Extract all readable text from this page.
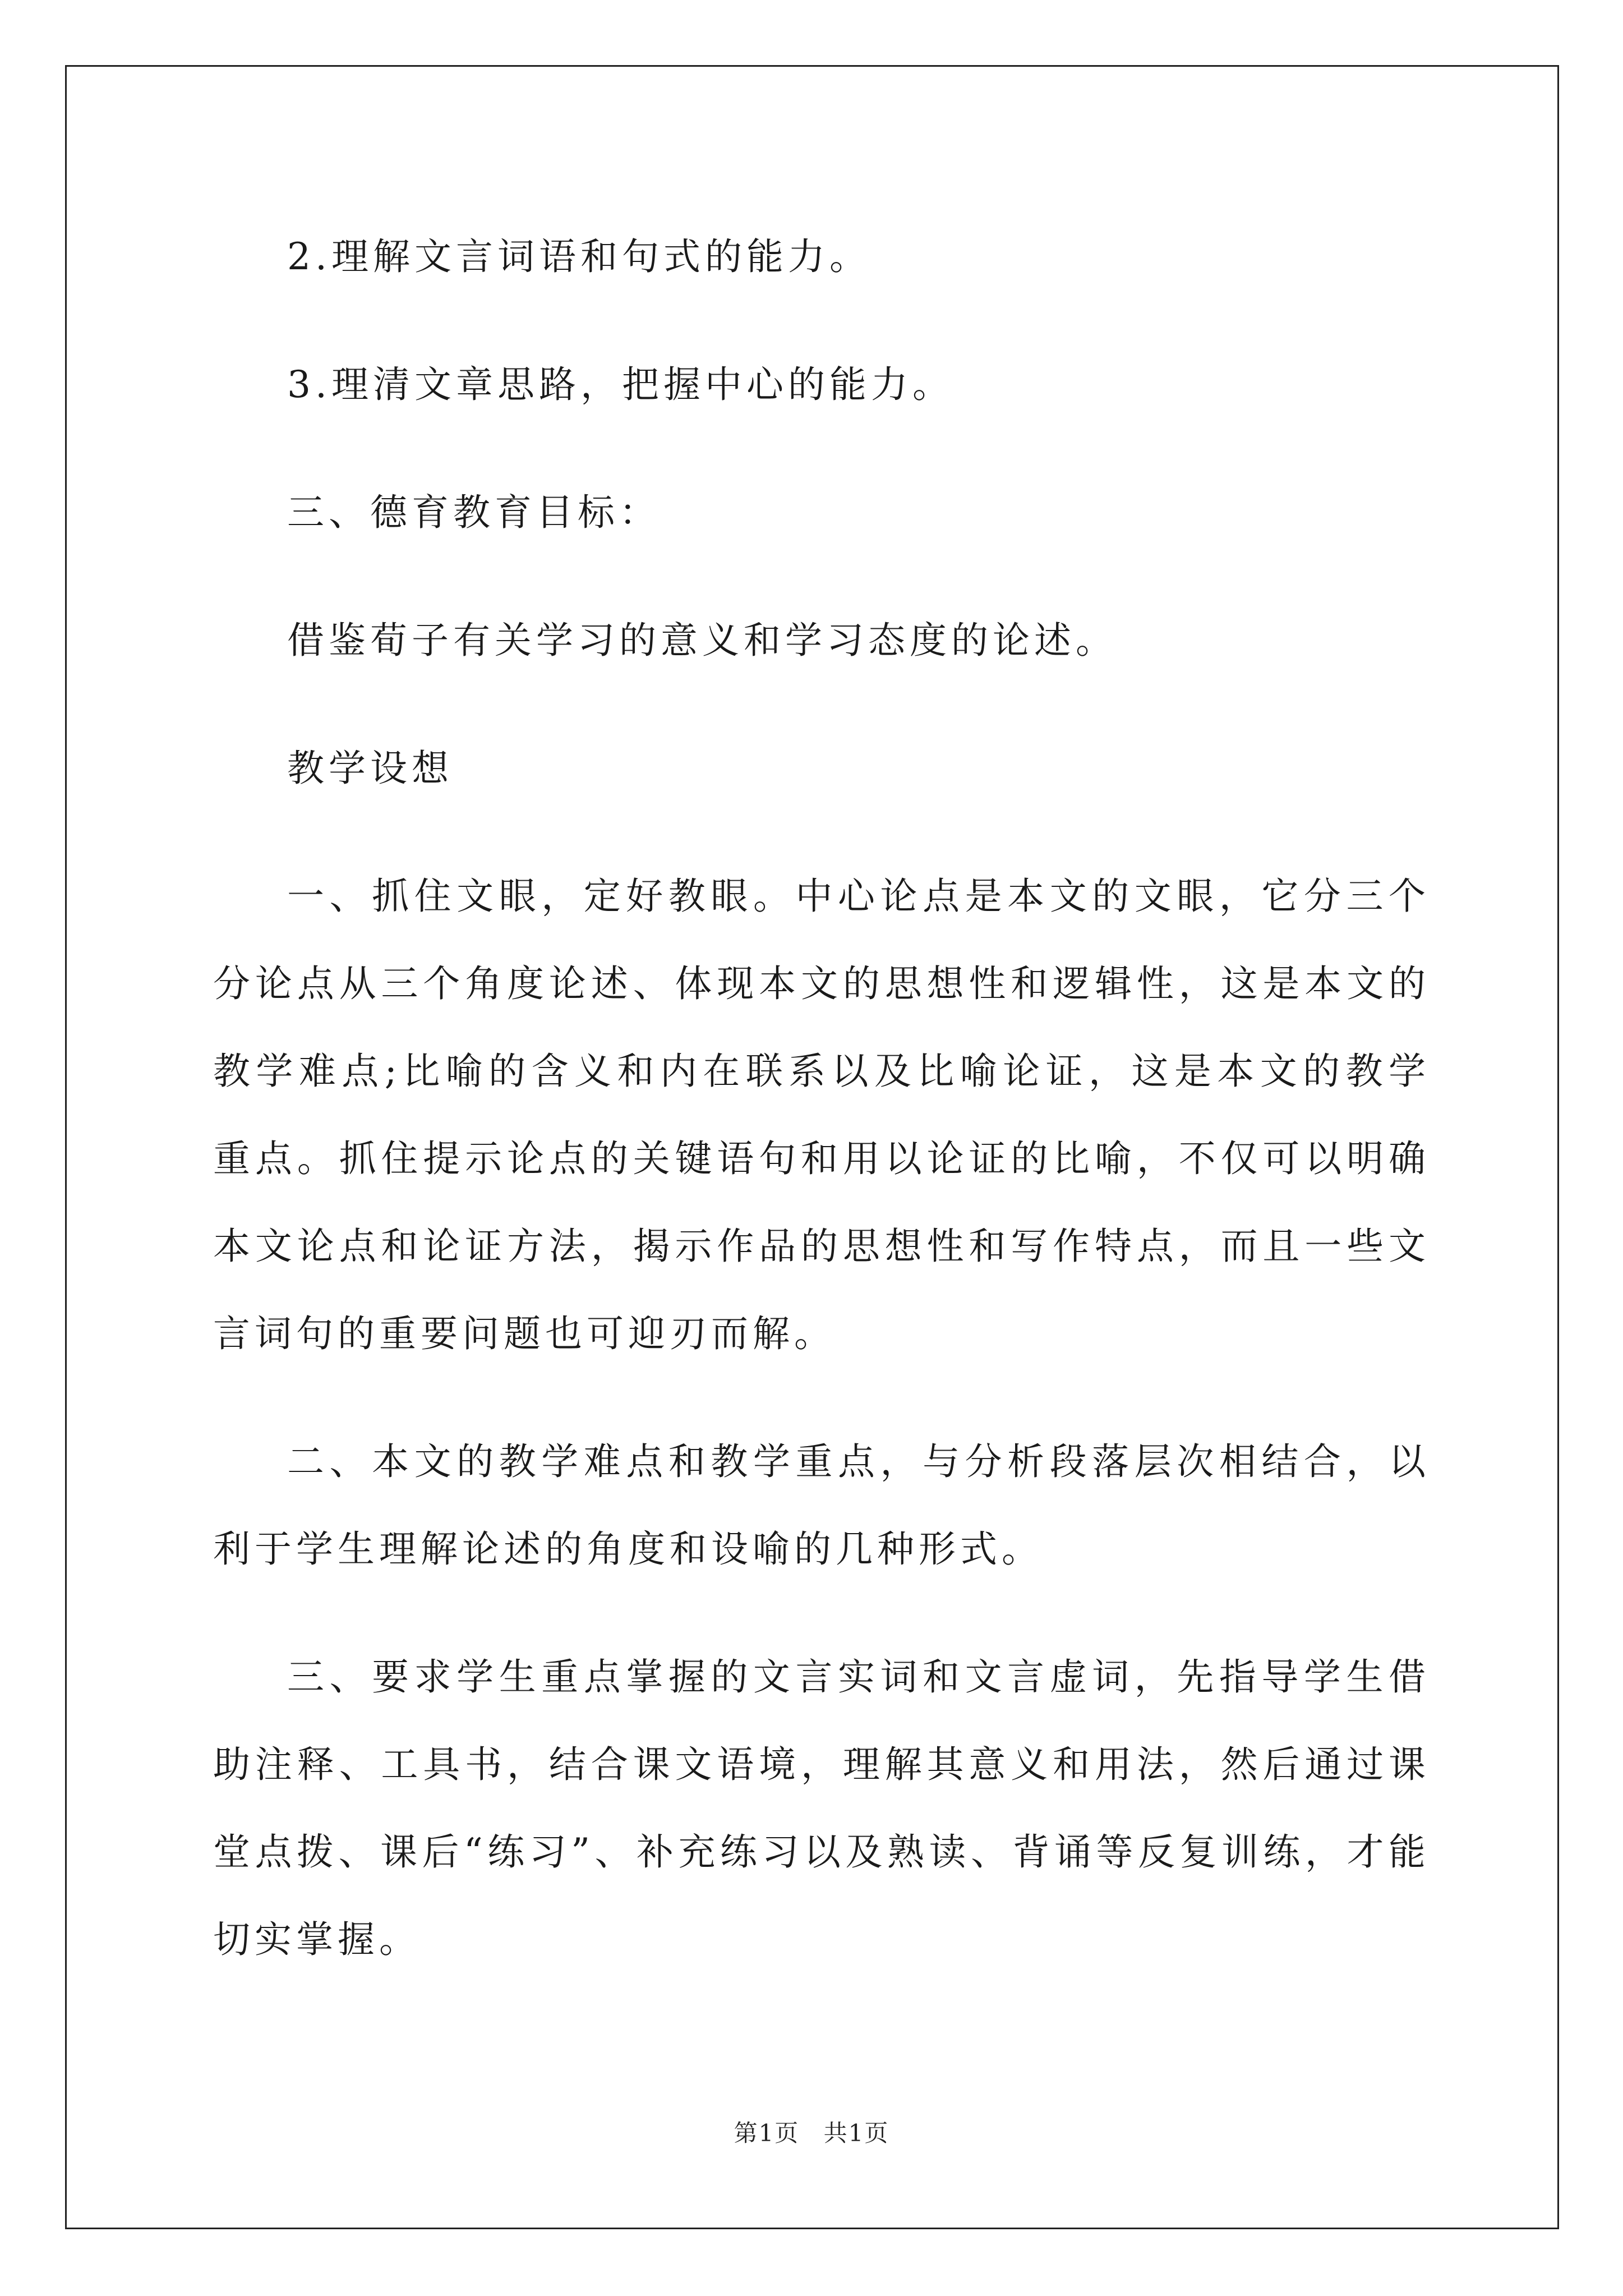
2.理解文言词语和句式的能力。

3.理清文章思路，把握中心的能力。

三、德育教育目标：

借鉴荀子有关学习的意义和学习态度的论述。

教学设想

一、抓住文眼，定好教眼。中心论点是本文的文眼，它分三个分论点从三个角度论述、体现本文的思想性和逻辑性，这是本文的教学难点;比喻的含义和内在联系以及比喻论证，这是本文的教学重点。抓住提示论点的关键语句和用以论证的比喻，不仅可以明确本文论点和论证方法，揭示作品的思想性和写作特点，而且一些文言词句的重要问题也可迎刃而解。

二、本文的教学难点和教学重点，与分析段落层次相结合，以利于学生理解论述的角度和设喻的几种形式。

三、要求学生重点掌握的文言实词和文言虚词，先指导学生借助注释、工具书，结合课文语境，理解其意义和用法，然后通过课堂点拨、课后“练习”、补充练习以及熟读、背诵等反复训练，才能切实掌握。

第1页 共1页
